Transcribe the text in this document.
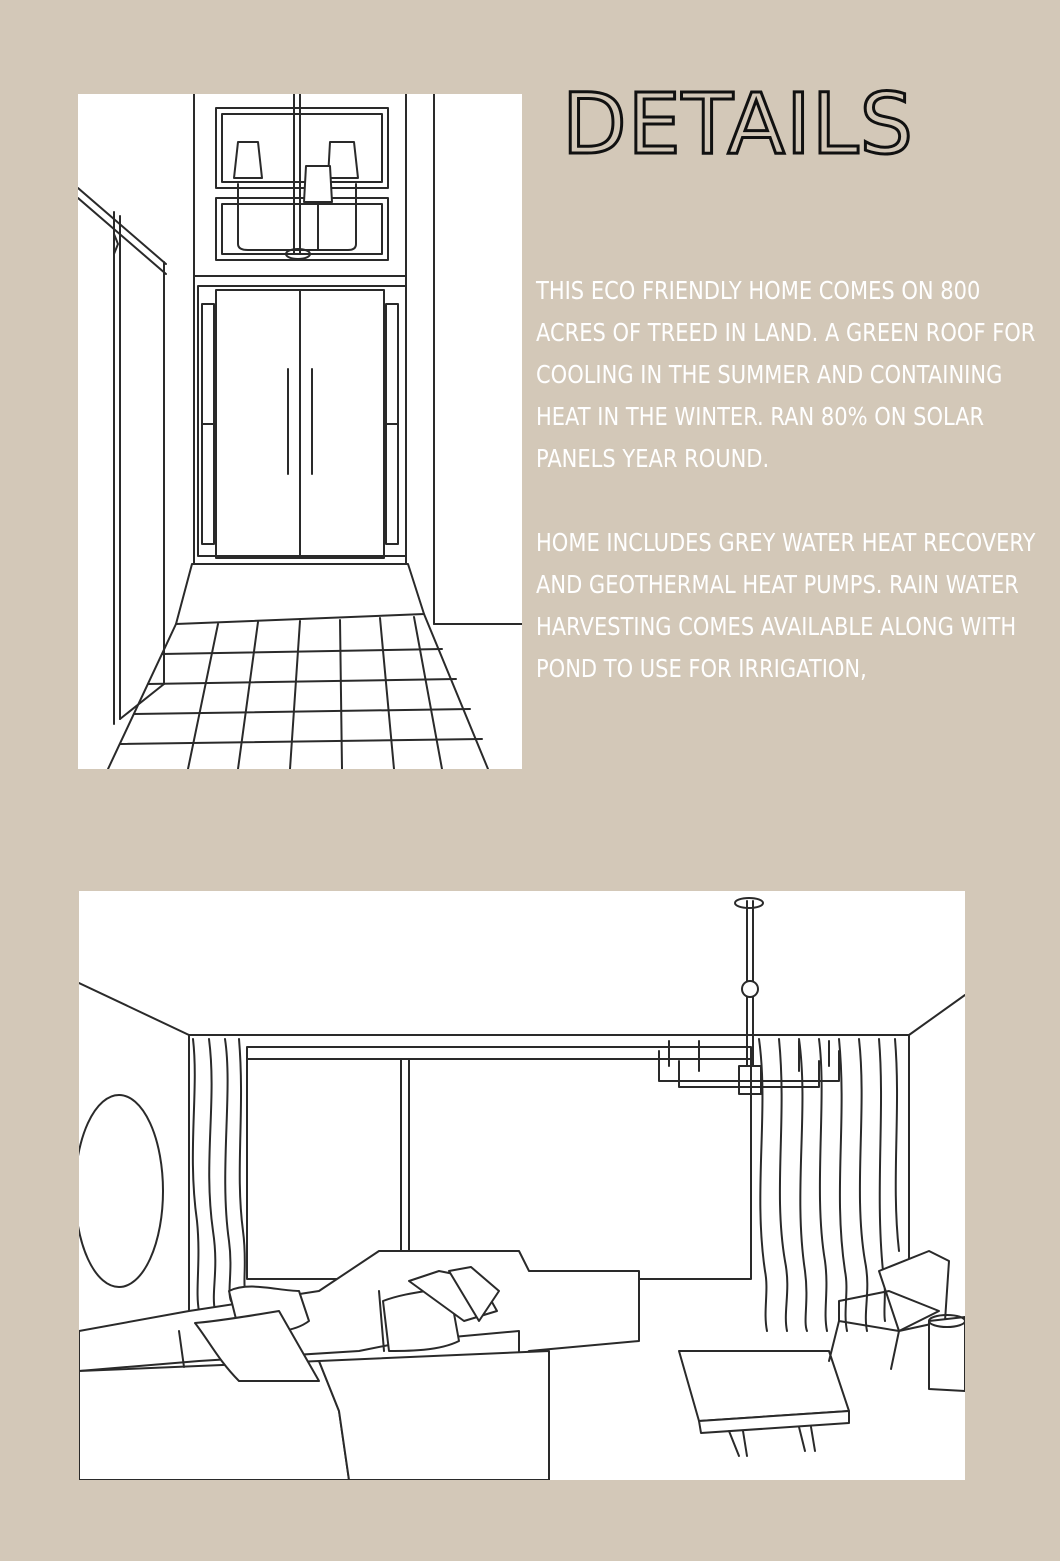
DETAILS

THIS ECO FRIENDLY HOME COMES ON 800 ACRES OF TREED IN LAND. A GREEN ROOF FOR COOLING IN THE SUMMER AND CONTAINING HEAT IN THE WINTER. RAN 80% ON SOLAR PANELS YEAR ROUND.

HOME INCLUDES GREY WATER HEAT RECOVERY AND GEOTHERMAL HEAT PUMPS. RAIN WATER HARVESTING COMES AVAILABLE ALONG WITH POND TO USE FOR IRRIGATION,
